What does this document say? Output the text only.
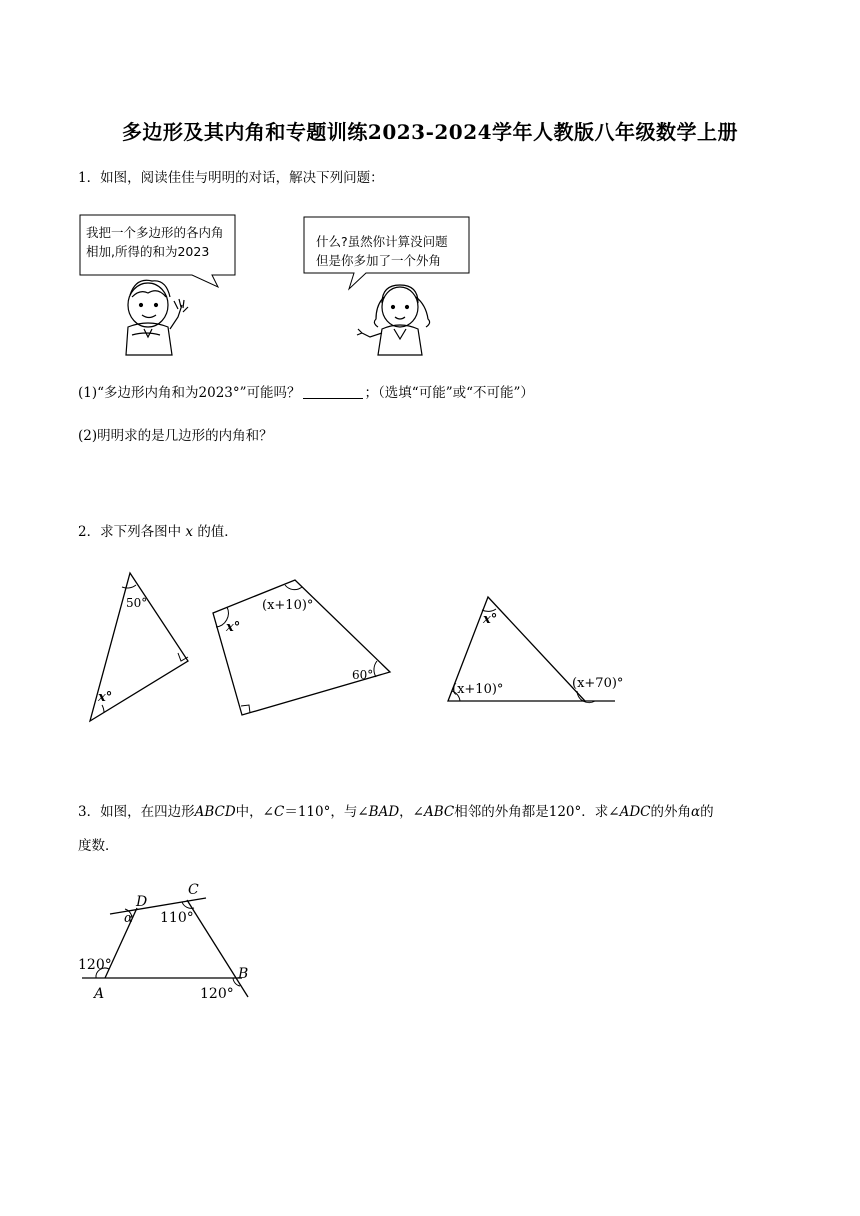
多边形及其内角和专题训练2023-2024学年人教版八年级数学上册
1．如图，阅读佳佳与明明的对话，解决下列问题：
我把一个多边形的各内角
相加,所得的和为2023
什么?虽然你计算没问题
但是你多加了一个外角
(1)“多边形内角和为2023°”可能吗？	；（选填“可能”或“不可能”）
(2)明明求的是几边形的内角和？
2．求下列各图中 x 的值．
50°
x°
x°
(x+10)°
60°
x°
(x+10)°	(x+70)°
3．如图，在四边形ABCD中，∠C＝110°，与∠BAD，∠ABC相邻的外角都是120°．求∠ADC的外角α的
度数．
D
C
A
B
110°
α
120°
120°
